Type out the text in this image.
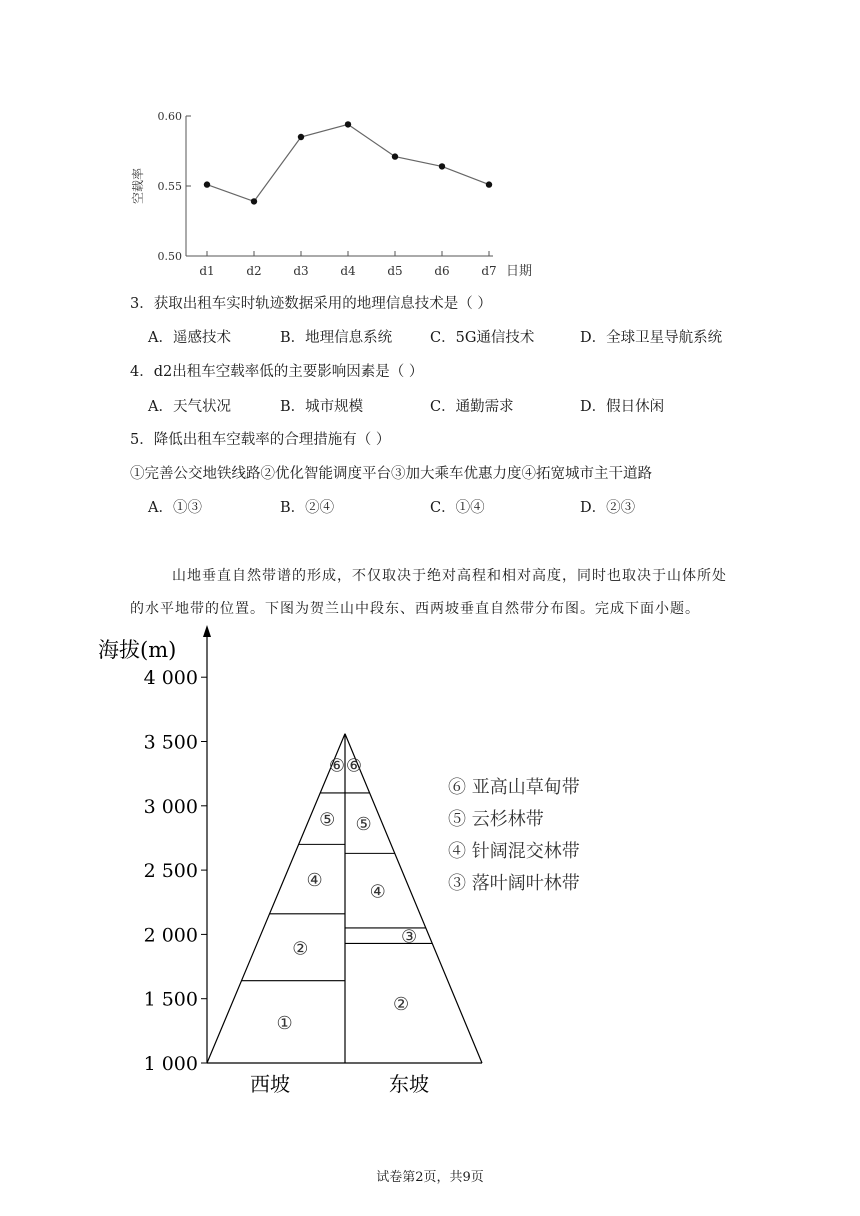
0.50
0.55
0.60
空载率
d1	d2	d3	d4	d5	d6	d7 日期
3．获取出租车实时轨迹数据采用的地理信息技术是（ ）
A．遥感技术	B．地理信息系统	C．5G通信技术	D．全球卫星导航系统
4．d2出租车空载率低的主要影响因素是（ ）
A．天气状况	B．城市规模	C．通勤需求	D．假日休闲
5．降低出租车空载率的合理措施有（ ）
①完善公交地铁线路②优化智能调度平台③加大乘车优惠力度④拓宽城市主干道路
A．①③	B．②④	C．①④	D．②③
山地垂直自然带谱的形成，不仅取决于绝对高程和相对高度，同时也取决于山体所处
的水平地带的位置。下图为贺兰山中段东、西两坡垂直自然带分布图。完成下面小题。
海拔(m)
4 000
3 500
3 000
2 500
2 000
1 500
1 000
①
②
④
⑤
⑥
②
③
④
⑤
⑥
西坡	东坡
⑥ 亚高山草甸带
⑤ 云杉林带
④ 针阔混交林带
③ 落叶阔叶林带
试卷第2页，共9页
